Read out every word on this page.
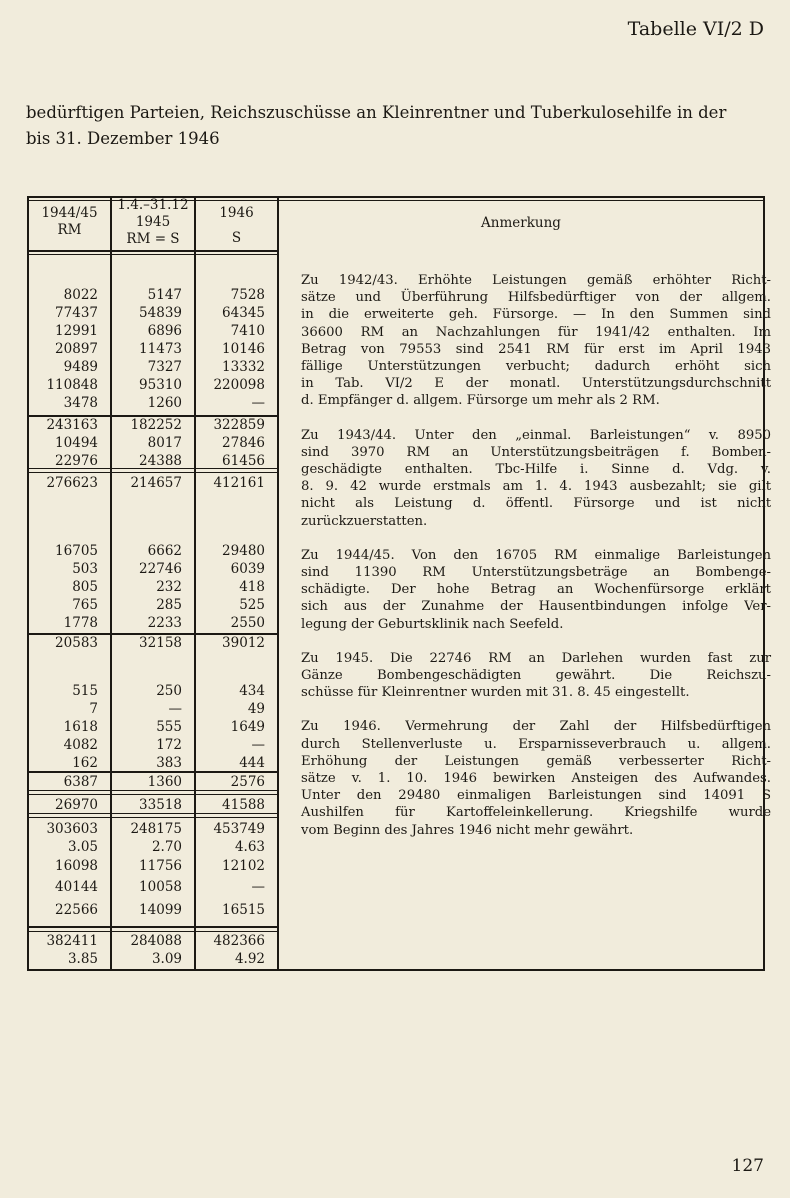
Tabelle VI/2 D
bedürftigen Parteien, Reichszuschüsse an Kleinrentner und Tuberkulosehilfe in der
bis 31. Dezember 1946
1944/45
RM
1.4.–31.12
1945
RM = S
1946
S
Anmerkung
8022
77437
12991
20897
9489
110848
3478
243163
10494
22976
276623
16705
503
805
765
1778
20583
515
7
1618
4082
162
6387
26970
303603
3.05
16098
40144
22566
382411
3.85
5147
54839
6896
11473
7327
95310
1260
182252
8017
24388
214657
6662
22746
232
285
2233
32158
250
—
555
172
383
1360
33518
248175
2.70
11756
10058
14099
284088
3.09
7528
64345
7410
10146
13332
220098
—
322859
27846
61456
412161
29480
6039
418
525
2550
39012
434
49
1649
—
444
2576
41588
453749
4.63
12102
—
16515
482366
4.92

Zu 1942/43. Erhöhte Leistungen gemäß erhöhter Richt-
sätze und Überführung Hilfsbedürftiger von der allgem.
in die erweiterte geh. Fürsorge. — In den Summen sind
36600 RM an Nachzahlungen für 1941/42 enthalten. Im
Betrag von 79553 sind 2541 RM für erst im April 1943
fällige Unterstützungen verbucht; dadurch erhöht sich
in Tab. VI/2 E der monatl. Unterstützungsdurchschnitt
d. Empfänger d. allgem. Fürsorge um mehr als 2 RM.

Zu 1943/44. Unter den „einmal. Barleistungen“ v. 8950
sind 3970 RM an Unterstützungsbeiträgen f. Bomben-
geschädigte enthalten. Tbc-Hilfe i. Sinne d. Vdg. v.
8. 9. 42 wurde erstmals am 1. 4. 1943 ausbezahlt; sie gilt
nicht als Leistung d. öffentl. Fürsorge und ist nicht
zurückzuerstatten.

Zu 1944/45. Von den 16705 RM einmalige Barleistungen
sind 11390 RM Unterstützungsbeträge an Bombenge-
schädigte. Der hohe Betrag an Wochenfürsorge erklärt
sich aus der Zunahme der Hausentbindungen infolge Ver-
legung der Geburtsklinik nach Seefeld.

Zu 1945. Die 22746 RM an Darlehen wurden fast zur
Gänze Bombengeschädigten gewährt. Die Reichszu-
schüsse für Kleinrentner wurden mit 31. 8. 45 eingestellt.

Zu 1946. Vermehrung der Zahl der Hilfsbedürftigen
durch Stellenverluste u. Ersparnisseverbrauch u. allgem.
Erhöhung der Leistungen gemäß verbesserter Richt-
sätze v. 1. 10. 1946 bewirken Ansteigen des Aufwandes.
Unter den 29480 einmaligen Barleistungen sind 14091 S
Aushilfen für Kartoffeleinkellerung. Kriegshilfe wurde
vom Beginn des Jahres 1946 nicht mehr gewährt.

127
